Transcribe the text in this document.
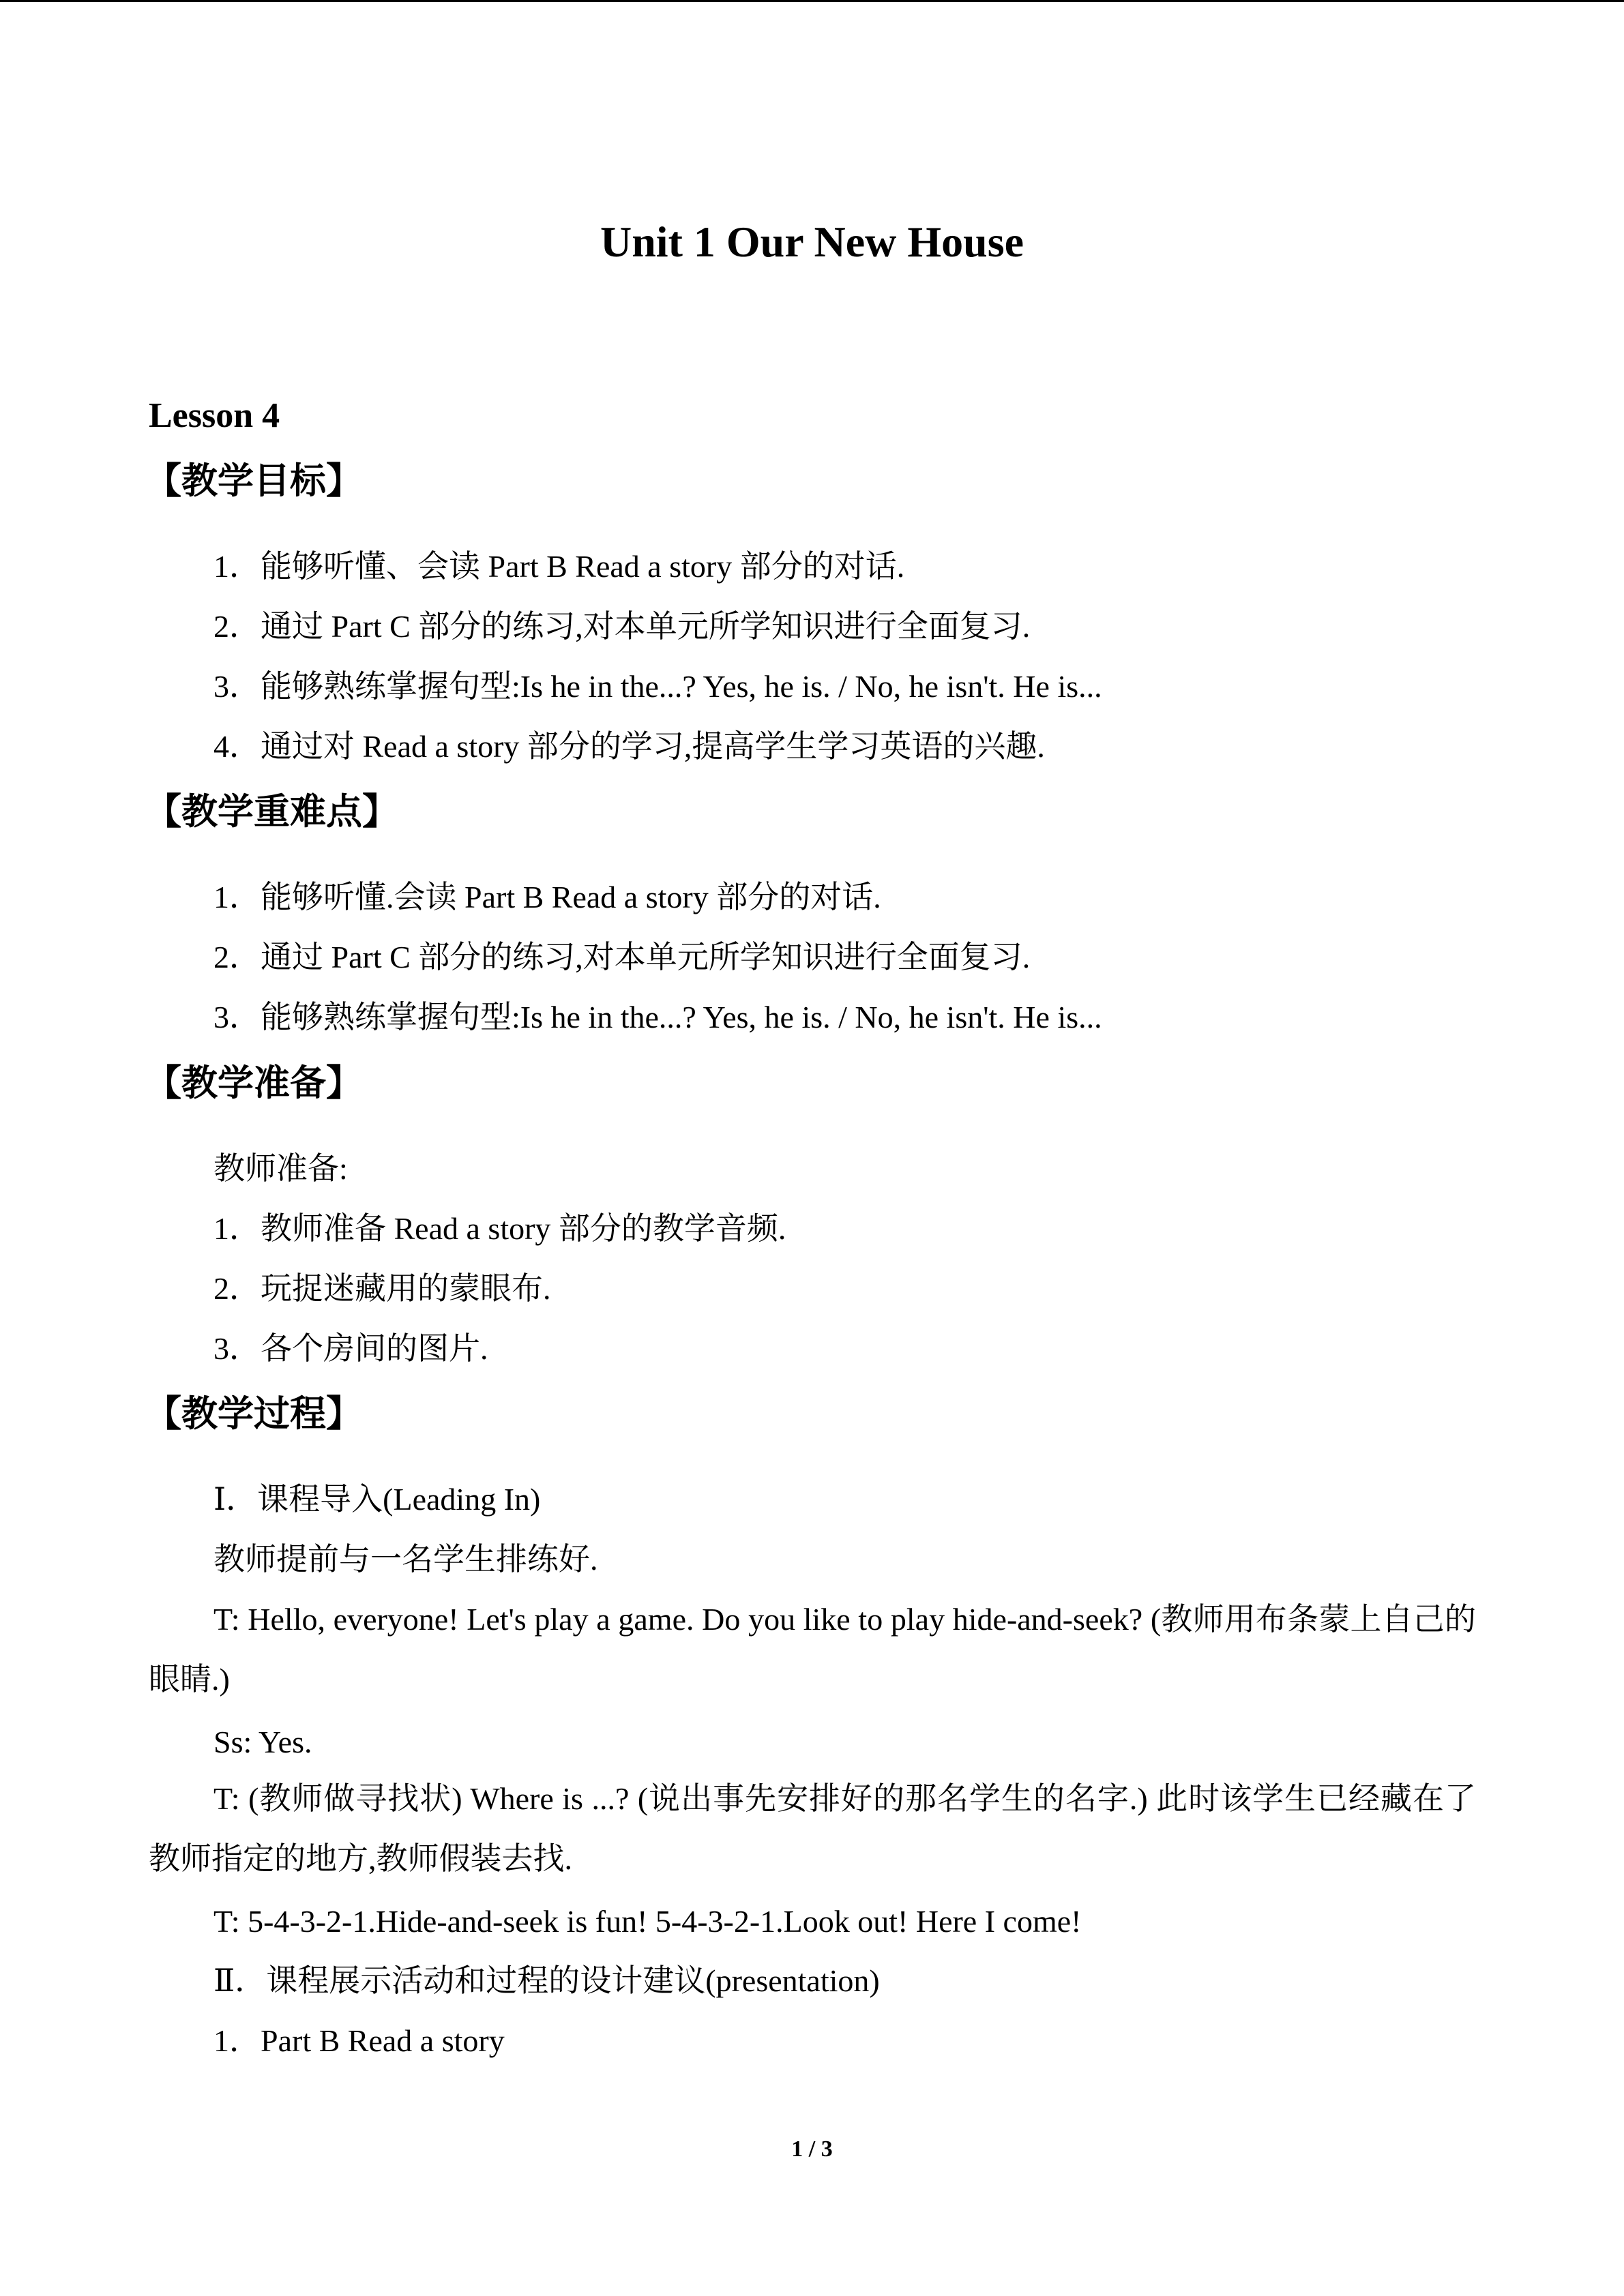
Unit 1 Our New House
Lesson 4
【教学目标】
1．能够听懂、会读 Part B Read a story 部分的对话.
2．通过 Part C 部分的练习,对本单元所学知识进行全面复习.
3．能够熟练掌握句型:Is he in the...? Yes, he is. / No, he isn't. He is...
4．通过对 Read a story 部分的学习,提高学生学习英语的兴趣.
【教学重难点】
1．能够听懂.会读 Part B Read a story 部分的对话.
2．通过 Part C 部分的练习,对本单元所学知识进行全面复习.
3．能够熟练掌握句型:Is he in the...? Yes, he is. / No, he isn't. He is...
【教学准备】
教师准备:
1．教师准备 Read a story 部分的教学音频.
2．玩捉迷藏用的蒙眼布.
3．各个房间的图片.
【教学过程】
Ⅰ．课程导入(Leading In)
教师提前与一名学生排练好.

T: Hello, everyone! Let's play a game. Do you like to play hide-and-seek? (教师用布条蒙上自己的眼睛.)

Ss: Yes.

T: (教师做寻找状) Where is ...? (说出事先安排好的那名学生的名字.) 此时该学生已经藏在了教师指定的地方,教师假装去找.

T: 5-4-3-2-1.Hide-and-seek is fun! 5-4-3-2-1.Look out! Here I come!
Ⅱ．课程展示活动和过程的设计建议(presentation)
1．Part B Read a story
1 / 3
